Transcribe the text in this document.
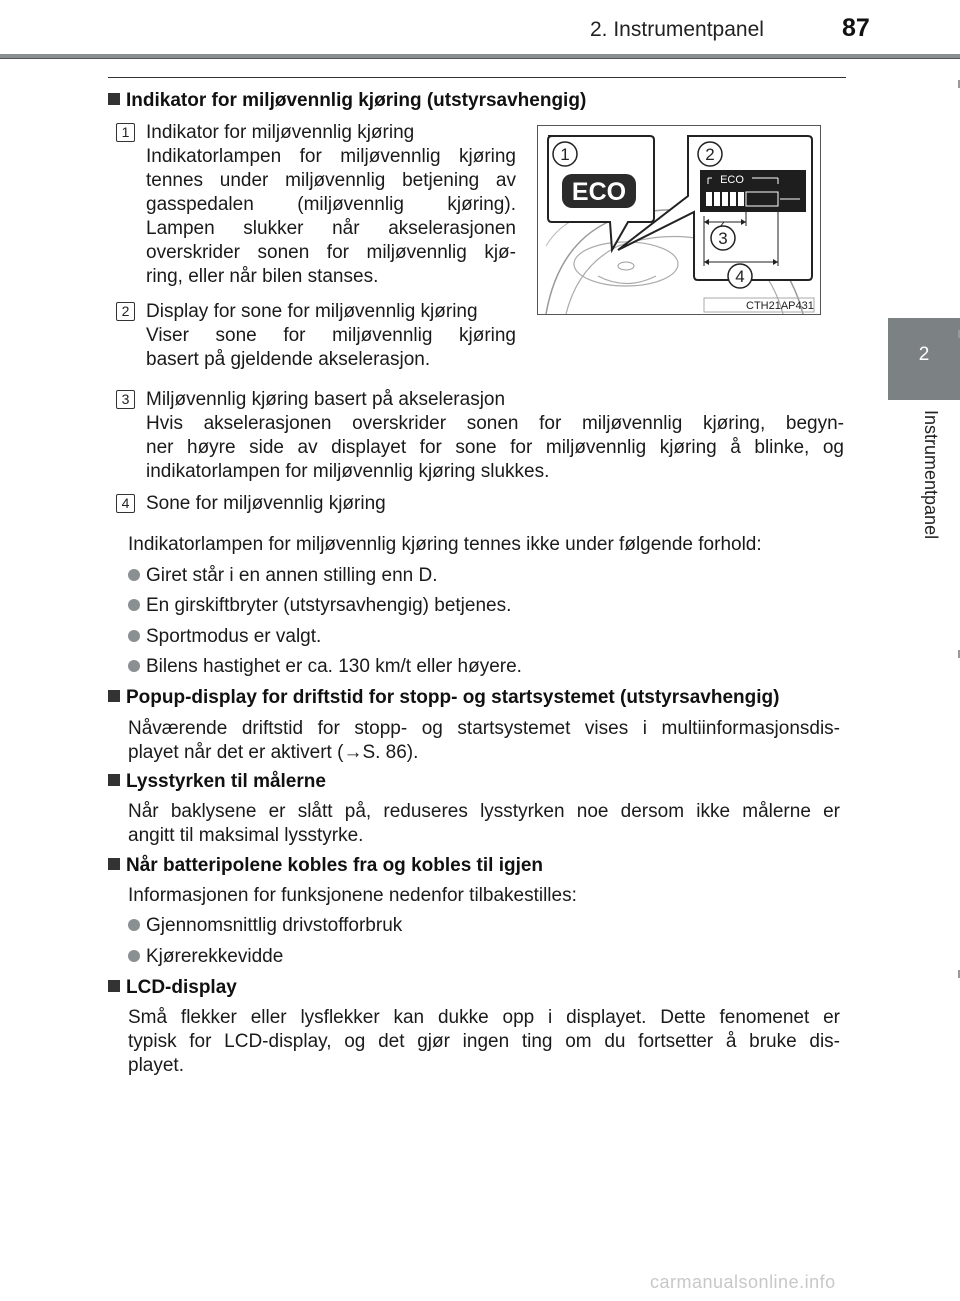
2. Instrumentpanel	87
2
Instrumentpanel
Indikator for miljøvennlig kjøring (utstyrsavhengig)
1 Indikator for miljøvennlig kjøring
Indikatorlampen for miljøvennlig kjøring
tennes under miljøvennlig betjening av
gasspedalen (miljøvennlig kjøring).
Lampen slukker når akselerasjonen
overskrider sonen for miljøvennlig kjø-
ring, eller når bilen stanses.
2 Display for sone for miljøvennlig kjøring
Viser sone for miljøvennlig kjøring
basert på gjeldende akselerasjon.
1	2
3
4
ECO	ECO
CTH21AP431
3 Miljøvennlig kjøring basert på akselerasjon
Hvis akselerasjonen overskrider sonen for miljøvennlig kjøring, begyn-
ner høyre side av displayet for sone for miljøvennlig kjøring å blinke, og
indikatorlampen for miljøvennlig kjøring slukkes.
4 Sone for miljøvennlig kjøring
Indikatorlampen for miljøvennlig kjøring tennes ikke under følgende forhold:
Giret står i en annen stilling enn D.
En girskiftbryter (utstyrsavhengig) betjenes.
Sportmodus er valgt.
Bilens hastighet er ca. 130 km/t eller høyere.
Popup-display for driftstid for stopp- og startsystemet (utstyrsavhengig)
Nåværende driftstid for stopp- og startsystemet vises i multiinformasjonsdis-
playet når det er aktivert (→S. 86).
Lysstyrken til målerne
Når baklysene er slått på, reduseres lysstyrken noe dersom ikke målerne er
angitt til maksimal lysstyrke.
Når batteripolene kobles fra og kobles til igjen
Informasjonen for funksjonene nedenfor tilbakestilles:
Gjennomsnittlig drivstofforbruk
Kjørerekkevidde
LCD-display
Små flekker eller lysflekker kan dukke opp i displayet. Dette fenomenet er
typisk for LCD-display, og det gjør ingen ting om du fortsetter å bruke dis-
playet.
carmanualsonline.info
